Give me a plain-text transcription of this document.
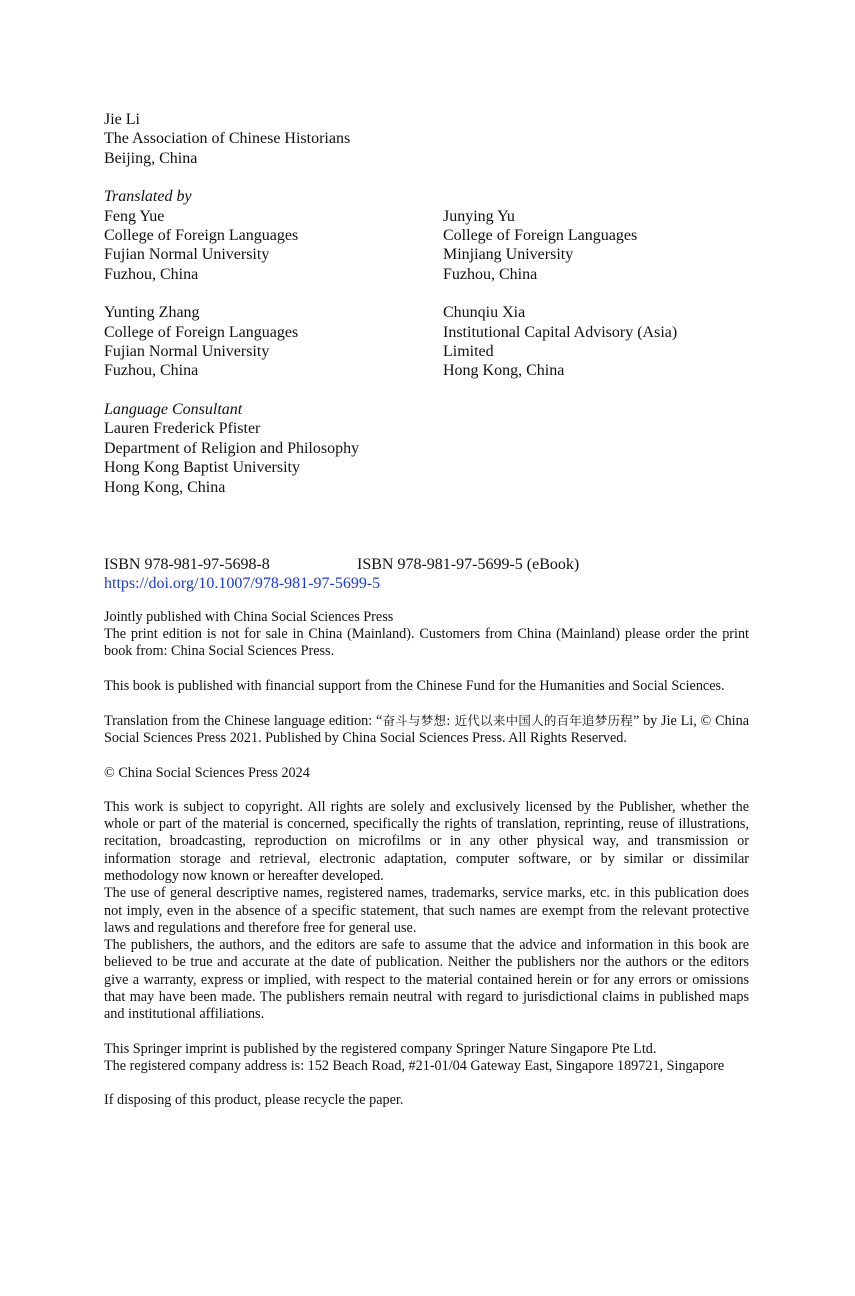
Jie Li
The Association of Chinese Historians
Beijing, China
Translated by
Feng Yue
College of Foreign Languages
Fujian Normal University
Fuzhou, China
Junying Yu
College of Foreign Languages
Minjiang University
Fuzhou, China
Yunting Zhang
College of Foreign Languages
Fujian Normal University
Fuzhou, China
Chunqiu Xia
Institutional Capital Advisory (Asia)
Limited
Hong Kong, China
Language Consultant
Lauren Frederick Pfister
Department of Religion and Philosophy
Hong Kong Baptist University
Hong Kong, China
ISBN 978-981-97-5698-8	ISBN 978-981-97-5699-5 (eBook)
https://doi.org/10.1007/978-981-97-5699-5

Jointly published with China Social Sciences Press

The print edition is not for sale in China (Mainland). Customers from China (Mainland) please order the print book from: China Social Sciences Press.

This book is published with financial support from the Chinese Fund for the Humanities and Social Sciences.

Translation from the Chinese language edition: “奋斗与梦想: 近代以来中国人的百年追梦历程” by Jie Li, © China Social Sciences Press 2021. Published by China Social Sciences Press. All Rights Reserved.

© China Social Sciences Press 2024

This work is subject to copyright. All rights are solely and exclusively licensed by the Publisher, whether the whole or part of the material is concerned, specifically the rights of translation, reprinting, reuse of illustrations, recitation, broadcasting, reproduction on microfilms or in any other physical way, and transmission or information storage and retrieval, electronic adaptation, computer software, or by similar or dissimilar methodology now known or hereafter developed.

The use of general descriptive names, registered names, trademarks, service marks, etc. in this publication does not imply, even in the absence of a specific statement, that such names are exempt from the relevant protective laws and regulations and therefore free for general use.

The publishers, the authors, and the editors are safe to assume that the advice and information in this book are believed to be true and accurate at the date of publication. Neither the publishers nor the authors or the editors give a warranty, express or implied, with respect to the material contained herein or for any errors or omissions that may have been made. The publishers remain neutral with regard to jurisdictional claims in published maps and institutional affiliations.

This Springer imprint is published by the registered company Springer Nature Singapore Pte Ltd.

The registered company address is: 152 Beach Road, #21-01/04 Gateway East, Singapore 189721, Singapore

If disposing of this product, please recycle the paper.
